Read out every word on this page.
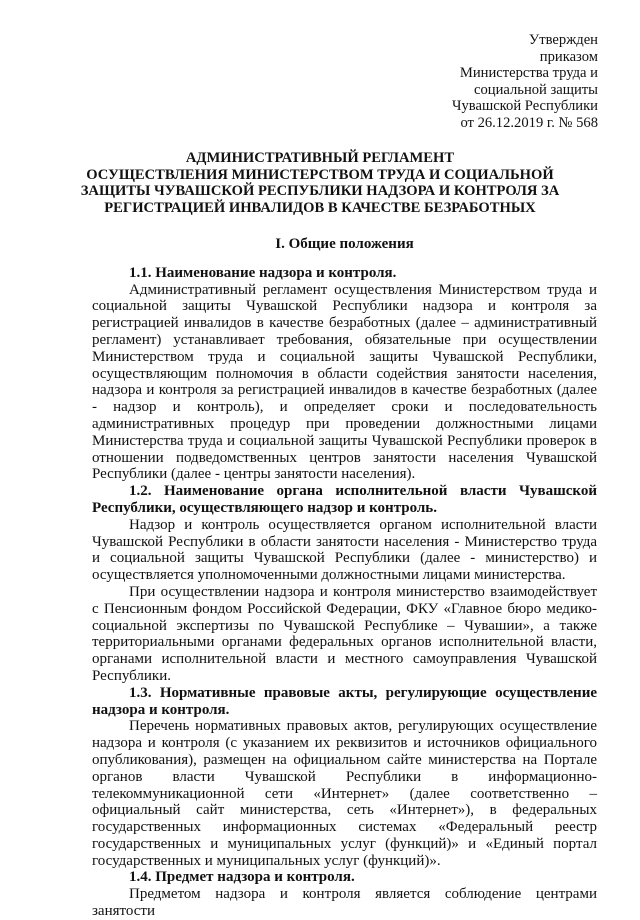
Утвержден
приказом
Министерства труда и
социальной защиты
Чувашской Республики
от 26.12.2019 г. № 568
АДМИНИСТРАТИВНЫЙ РЕГЛАМЕНТ
ОСУЩЕСТВЛЕНИЯ МИНИСТЕРСТВОМ ТРУДА И СОЦИАЛЬНОЙ
ЗАЩИТЫ ЧУВАШСКОЙ РЕСПУБЛИКИ НАДЗОРА И КОНТРОЛЯ ЗА
РЕГИСТРАЦИЕЙ ИНВАЛИДОВ В КАЧЕСТВЕ БЕЗРАБОТНЫХ
I. Общие положения

1.1. Наименование надзора и контроля.

Административный регламент осуществления Министерством труда и социальной защиты Чувашской Республики надзора и контроля за регистрацией инвалидов в качестве безработных (далее – административный регламент) устанавливает требования, обязательные при осуществлении Министерством труда и социальной защиты Чувашской Республики, осуществляющим полномочия в области содействия занятости населения, надзора и контроля за регистрацией инвалидов в качестве безработных (далее - надзор и контроль), и определяет сроки и последовательность административных процедур при проведении должностными лицами Министерства труда и социальной защиты Чувашской Республики проверок в отношении подведомственных центров занятости населения Чувашской Республики (далее - центры занятости населения).

1.2. Наименование органа исполнительной власти Чувашской Республики, осуществляющего надзор и контроль.

Надзор и контроль осуществляется органом исполнительной власти Чувашской Республики в области занятости населения - Министерство труда и социальной защиты Чувашской Республики (далее - министерство) и осуществляется уполномоченными должностными лицами министерства.

При осуществлении надзора и контроля министерство взаимодействует с Пенсионным фондом Российской Федерации, ФКУ «Главное бюро медико-социальной экспертизы по Чувашской Республике – Чувашии», а также территориальными органами федеральных органов исполнительной власти, органами исполнительной власти и местного самоуправления Чувашской Республики.

1.3. Нормативные правовые акты, регулирующие осуществление надзора и контроля.

Перечень нормативных правовых актов, регулирующих осуществление надзора и контроля (с указанием их реквизитов и источников официального опубликования), размещен на официальном сайте министерства на Портале органов власти Чувашской Республики в информационно-телекоммуникационной сети «Интернет» (далее соответственно – официальный сайт министерства, сеть «Интернет»), в федеральных государственных информационных системах «Федеральный реестр государственных и муниципальных услуг (функций)» и «Единый портал государственных и муниципальных услуг (функций)».

1.4. Предмет надзора и контроля.

Предметом надзора и контроля является соблюдение центрами занятости
